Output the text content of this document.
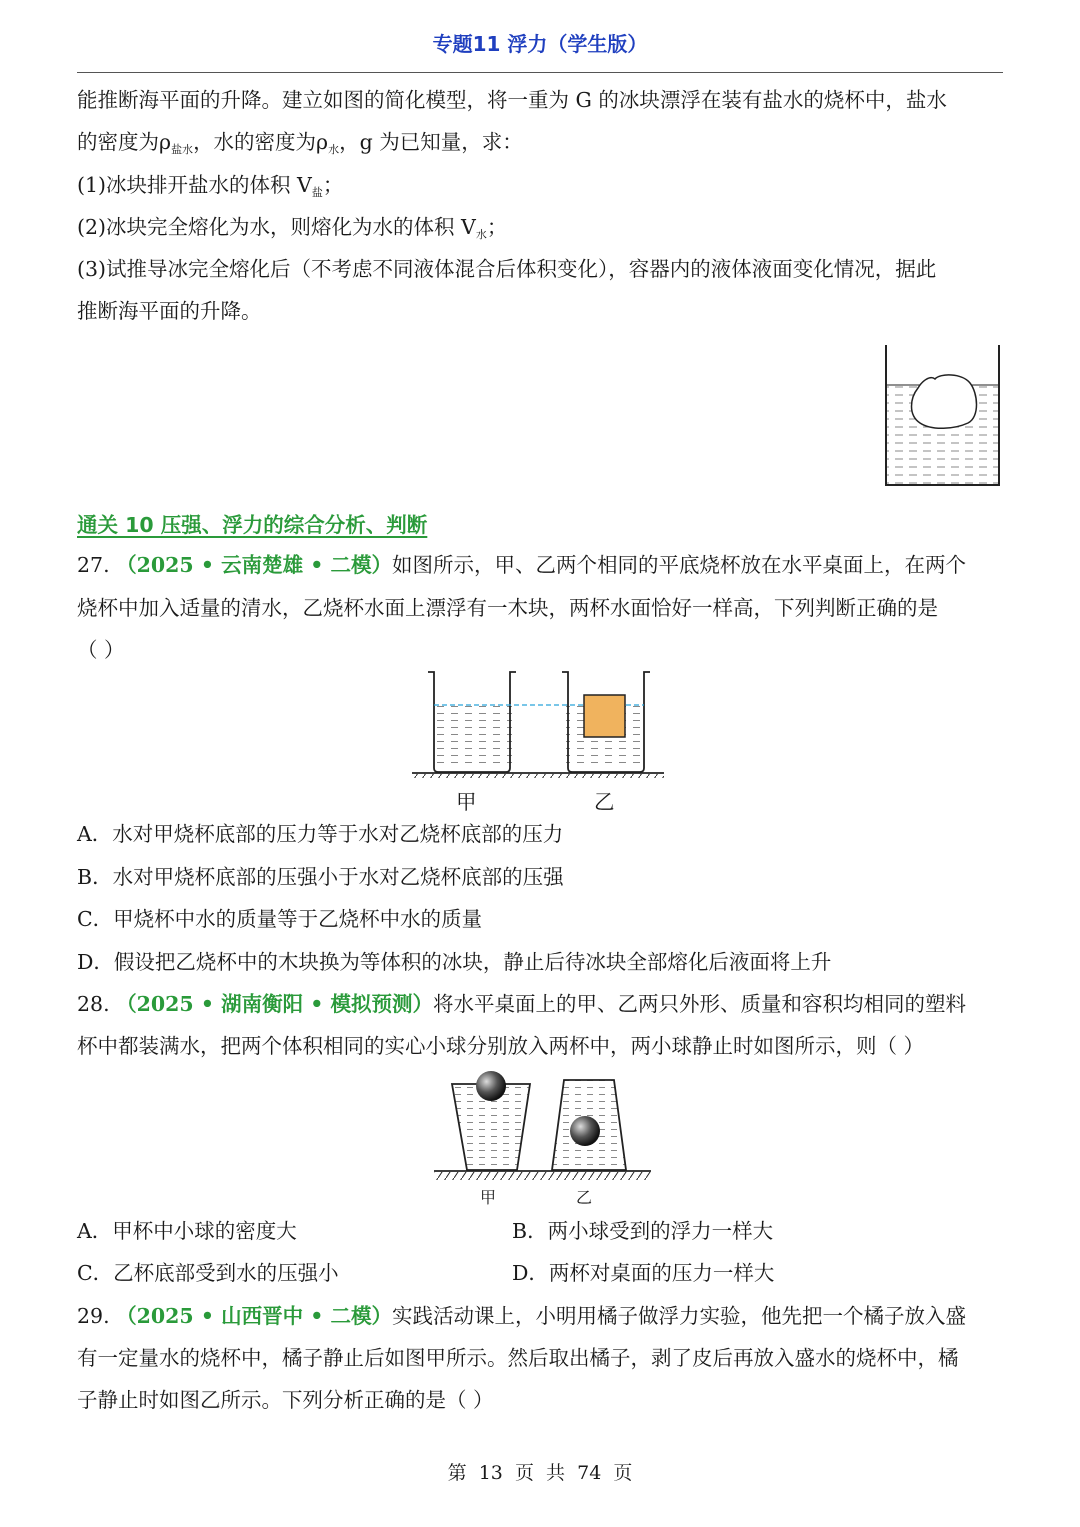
专题11 浮力（学生版）
能推断海平面的升降。建立如图的简化模型，将一重为 G 的冰块漂浮在装有盐水的烧杯中，盐水
的密度为$\rho_{盐水}$，水的密度为$\rho_水$，g 为已知量，求：
(1)冰块排开盐水的体积 $V_盐$；
(2)冰块完全熔化为水，则熔化为水的体积 $V_水$；
(3)试推导冰完全熔化后（不考虑不同液体混合后体积变化），容器内的液体液面变化情况，据此
推断海平面的升降。
通关 10 压强、浮力的综合分析、判断
27. （2025 • 云南楚雄 • 二模）如图所示，甲、乙两个相同的平底烧杯放在水平桌面上，在两个
烧杯中加入适量的清水，乙烧杯水面上漂浮有一木块，两杯水面恰好一样高，下列判断正确的是
（ ）
甲	乙
A．水对甲烧杯底部的压力等于水对乙烧杯底部的压力
B．水对甲烧杯底部的压强小于水对乙烧杯底部的压强
C．甲烧杯中水的质量等于乙烧杯中水的质量
D．假设把乙烧杯中的木块换为等体积的冰块，静止后待冰块全部熔化后液面将上升
28. （2025 • 湖南衡阳 • 模拟预测）将水平桌面上的甲、乙两只外形、质量和容积均相同的塑料
杯中都装满水，把两个体积相同的实心小球分别放入两杯中，两小球静止时如图所示，则（ ）
甲	乙
A．甲杯中小球的密度大	B．两小球受到的浮力一样大
C．乙杯底部受到水的压强小	D．两杯对桌面的压力一样大
29. （2025 • 山西晋中 • 二模）实践活动课上，小明用橘子做浮力实验，他先把一个橘子放入盛
有一定量水的烧杯中，橘子静止后如图甲所示。然后取出橘子，剥了皮后再放入盛水的烧杯中，橘
子静止时如图乙所示。下列分析正确的是（ ）
第  13  页  共  74  页
